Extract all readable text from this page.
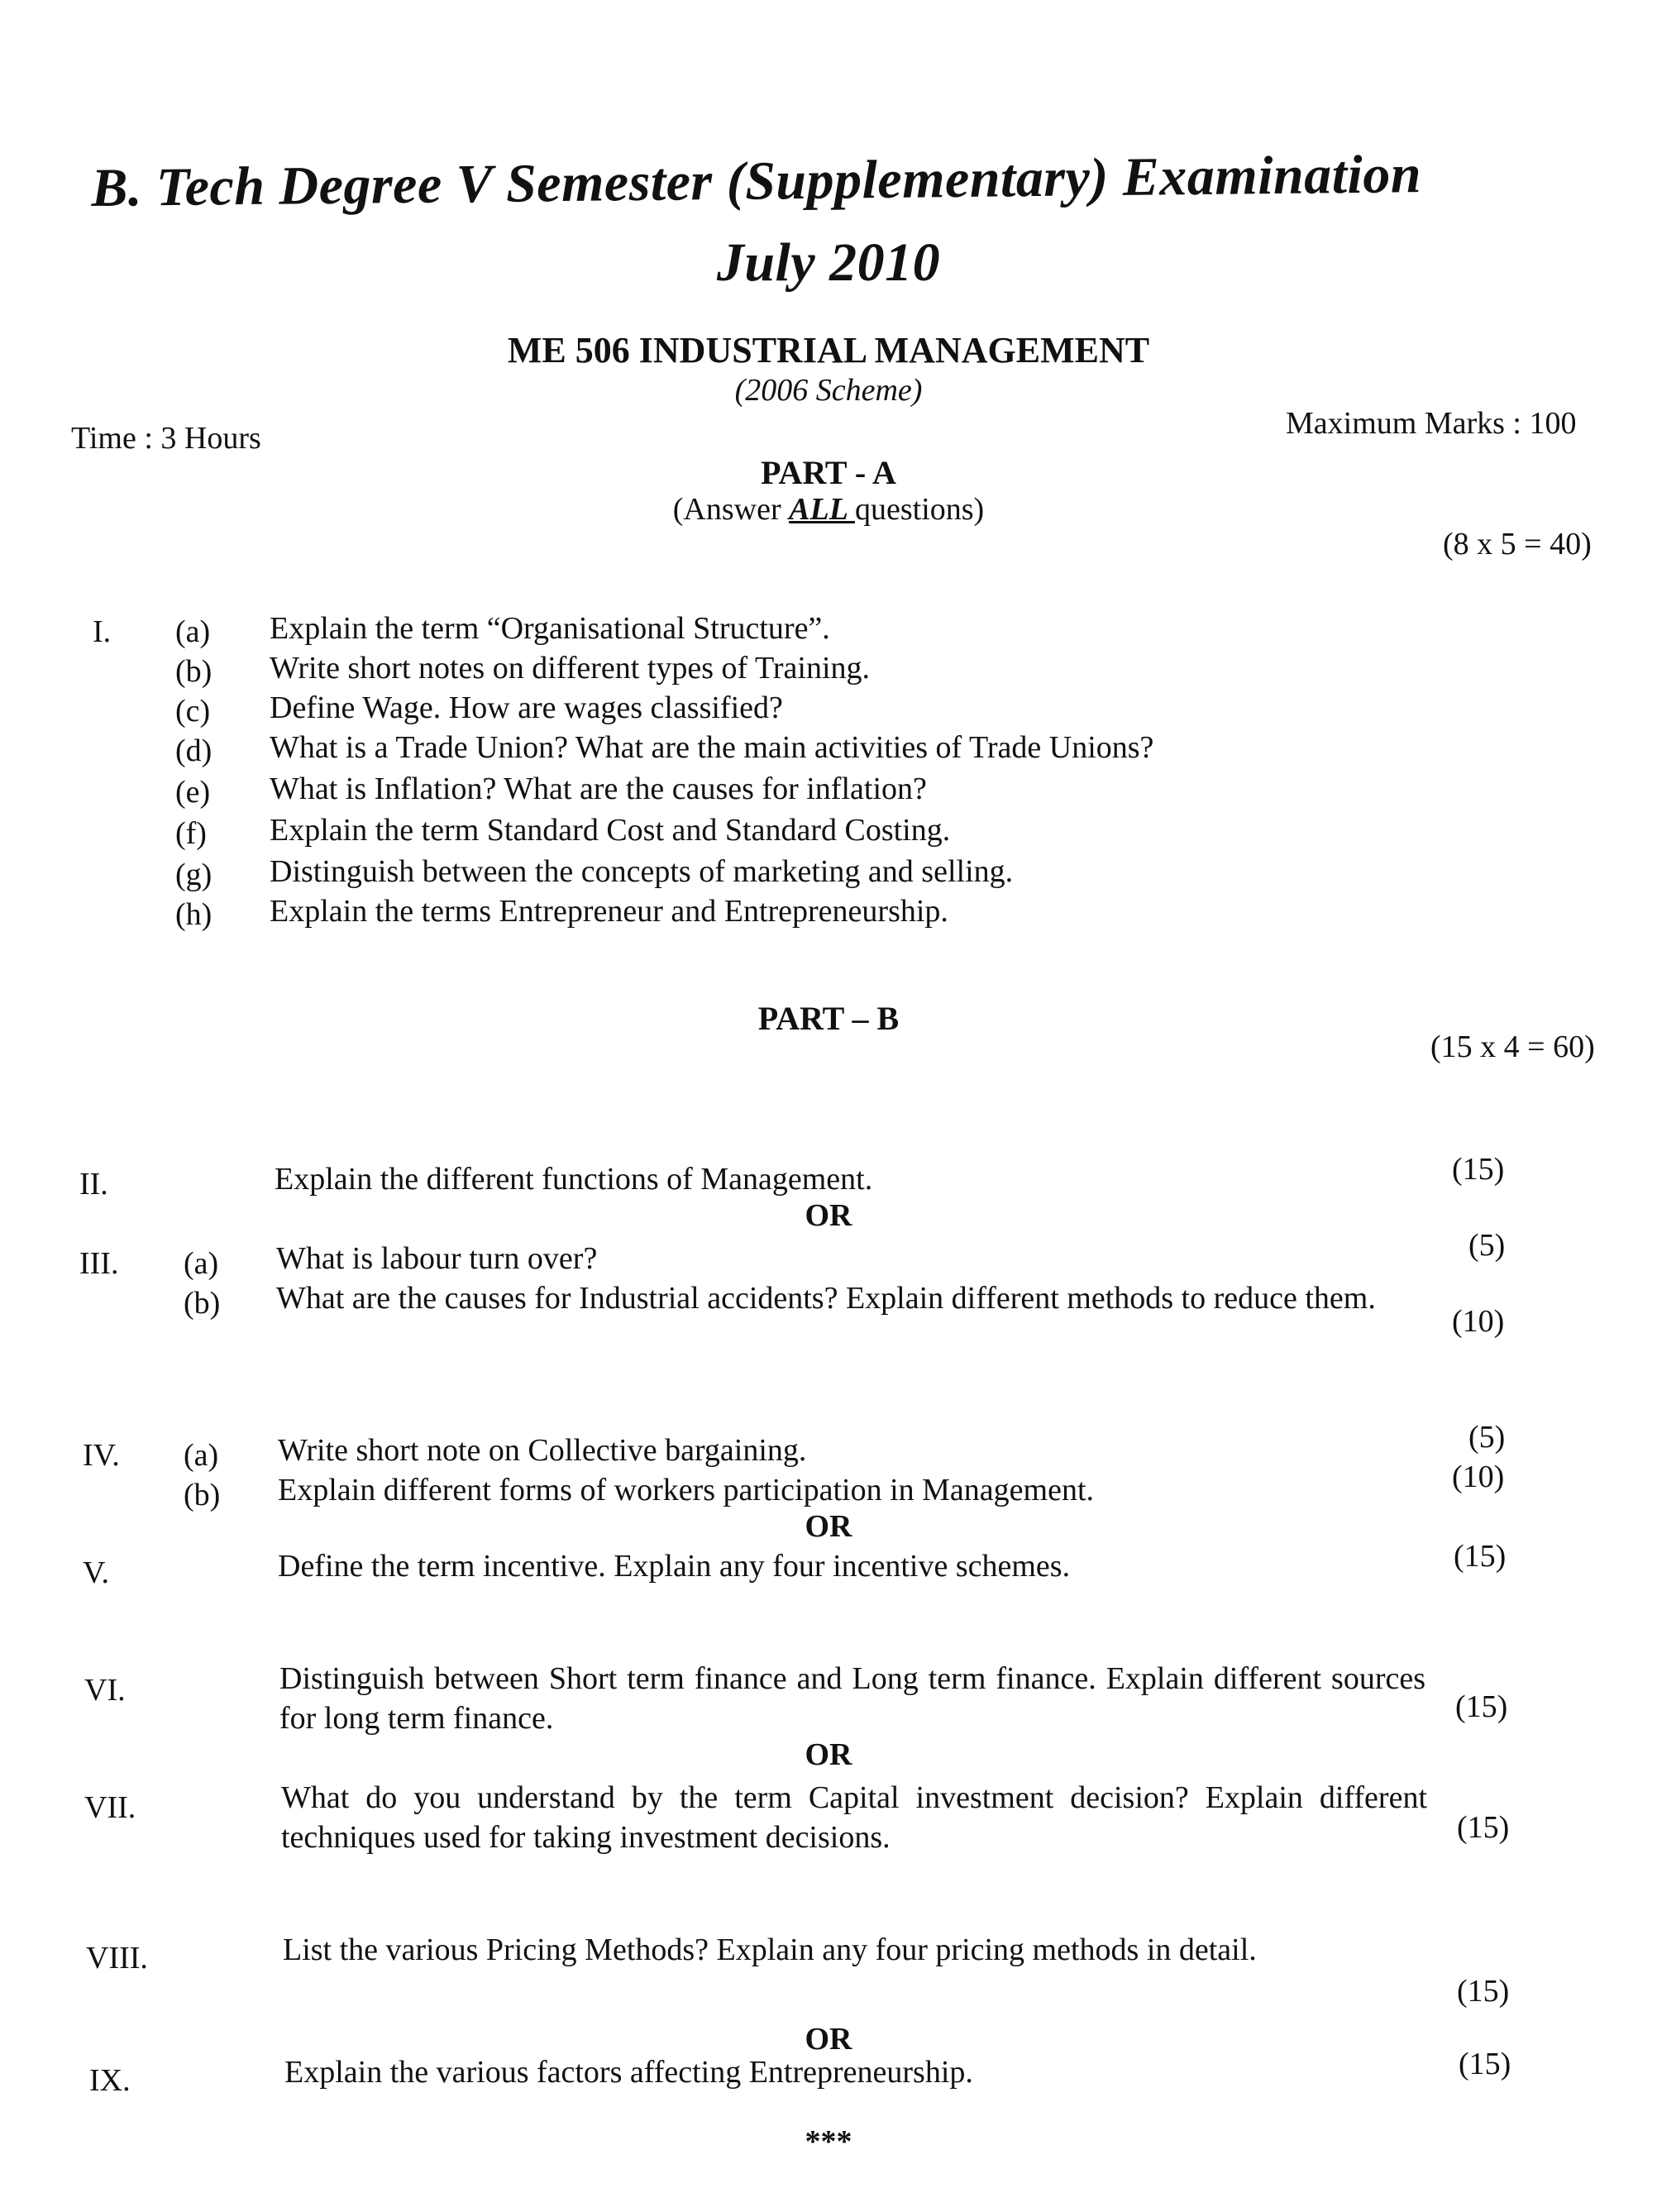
B. Tech Degree V Semester (Supplementary) Examination
July 2010
ME 506 INDUSTRIAL MANAGEMENT
(2006 Scheme)
Time : 3 Hours	Maximum Marks : 100
PART - A
(Answer ALL questions)
(8 x 5 = 40)
I. (a) Explain the term “Organisational Structure”.
(b) Write short notes on different types of Training.
(c) Define Wage. How are wages classified?
(d) What is a Trade Union? What are the main activities of Trade Unions?
(e) What is Inflation? What are the causes for inflation?
(f) Explain the term Standard Cost and Standard Costing.
(g) Distinguish between the concepts of marketing and selling.
(h) Explain the terms Entrepreneur and Entrepreneurship.
PART – B
(15 x 4 = 60)
II.	Explain the different functions of Management.	(15)
OR
III. (a) What is labour turn over?	(5)
(b) What are the causes for Industrial accidents? Explain different methods to reduce them.
(10)
IV. (a) Write short note on Collective bargaining.	(5)
(b) Explain different forms of workers participation in Management.	(10)
OR
V.	Define the term incentive. Explain any four incentive schemes.	(15)
VI.	Distinguish between Short term finance and Long term finance. Explain different sources for long term finance.	(15)
OR
VII.	What do you understand by the term Capital investment decision? Explain different techniques used for taking investment decisions.	(15)
VIII.	List the various Pricing Methods? Explain any four pricing methods in detail.
(15)
OR
IX.	Explain the various factors affecting Entrepreneurship.	(15)
***
